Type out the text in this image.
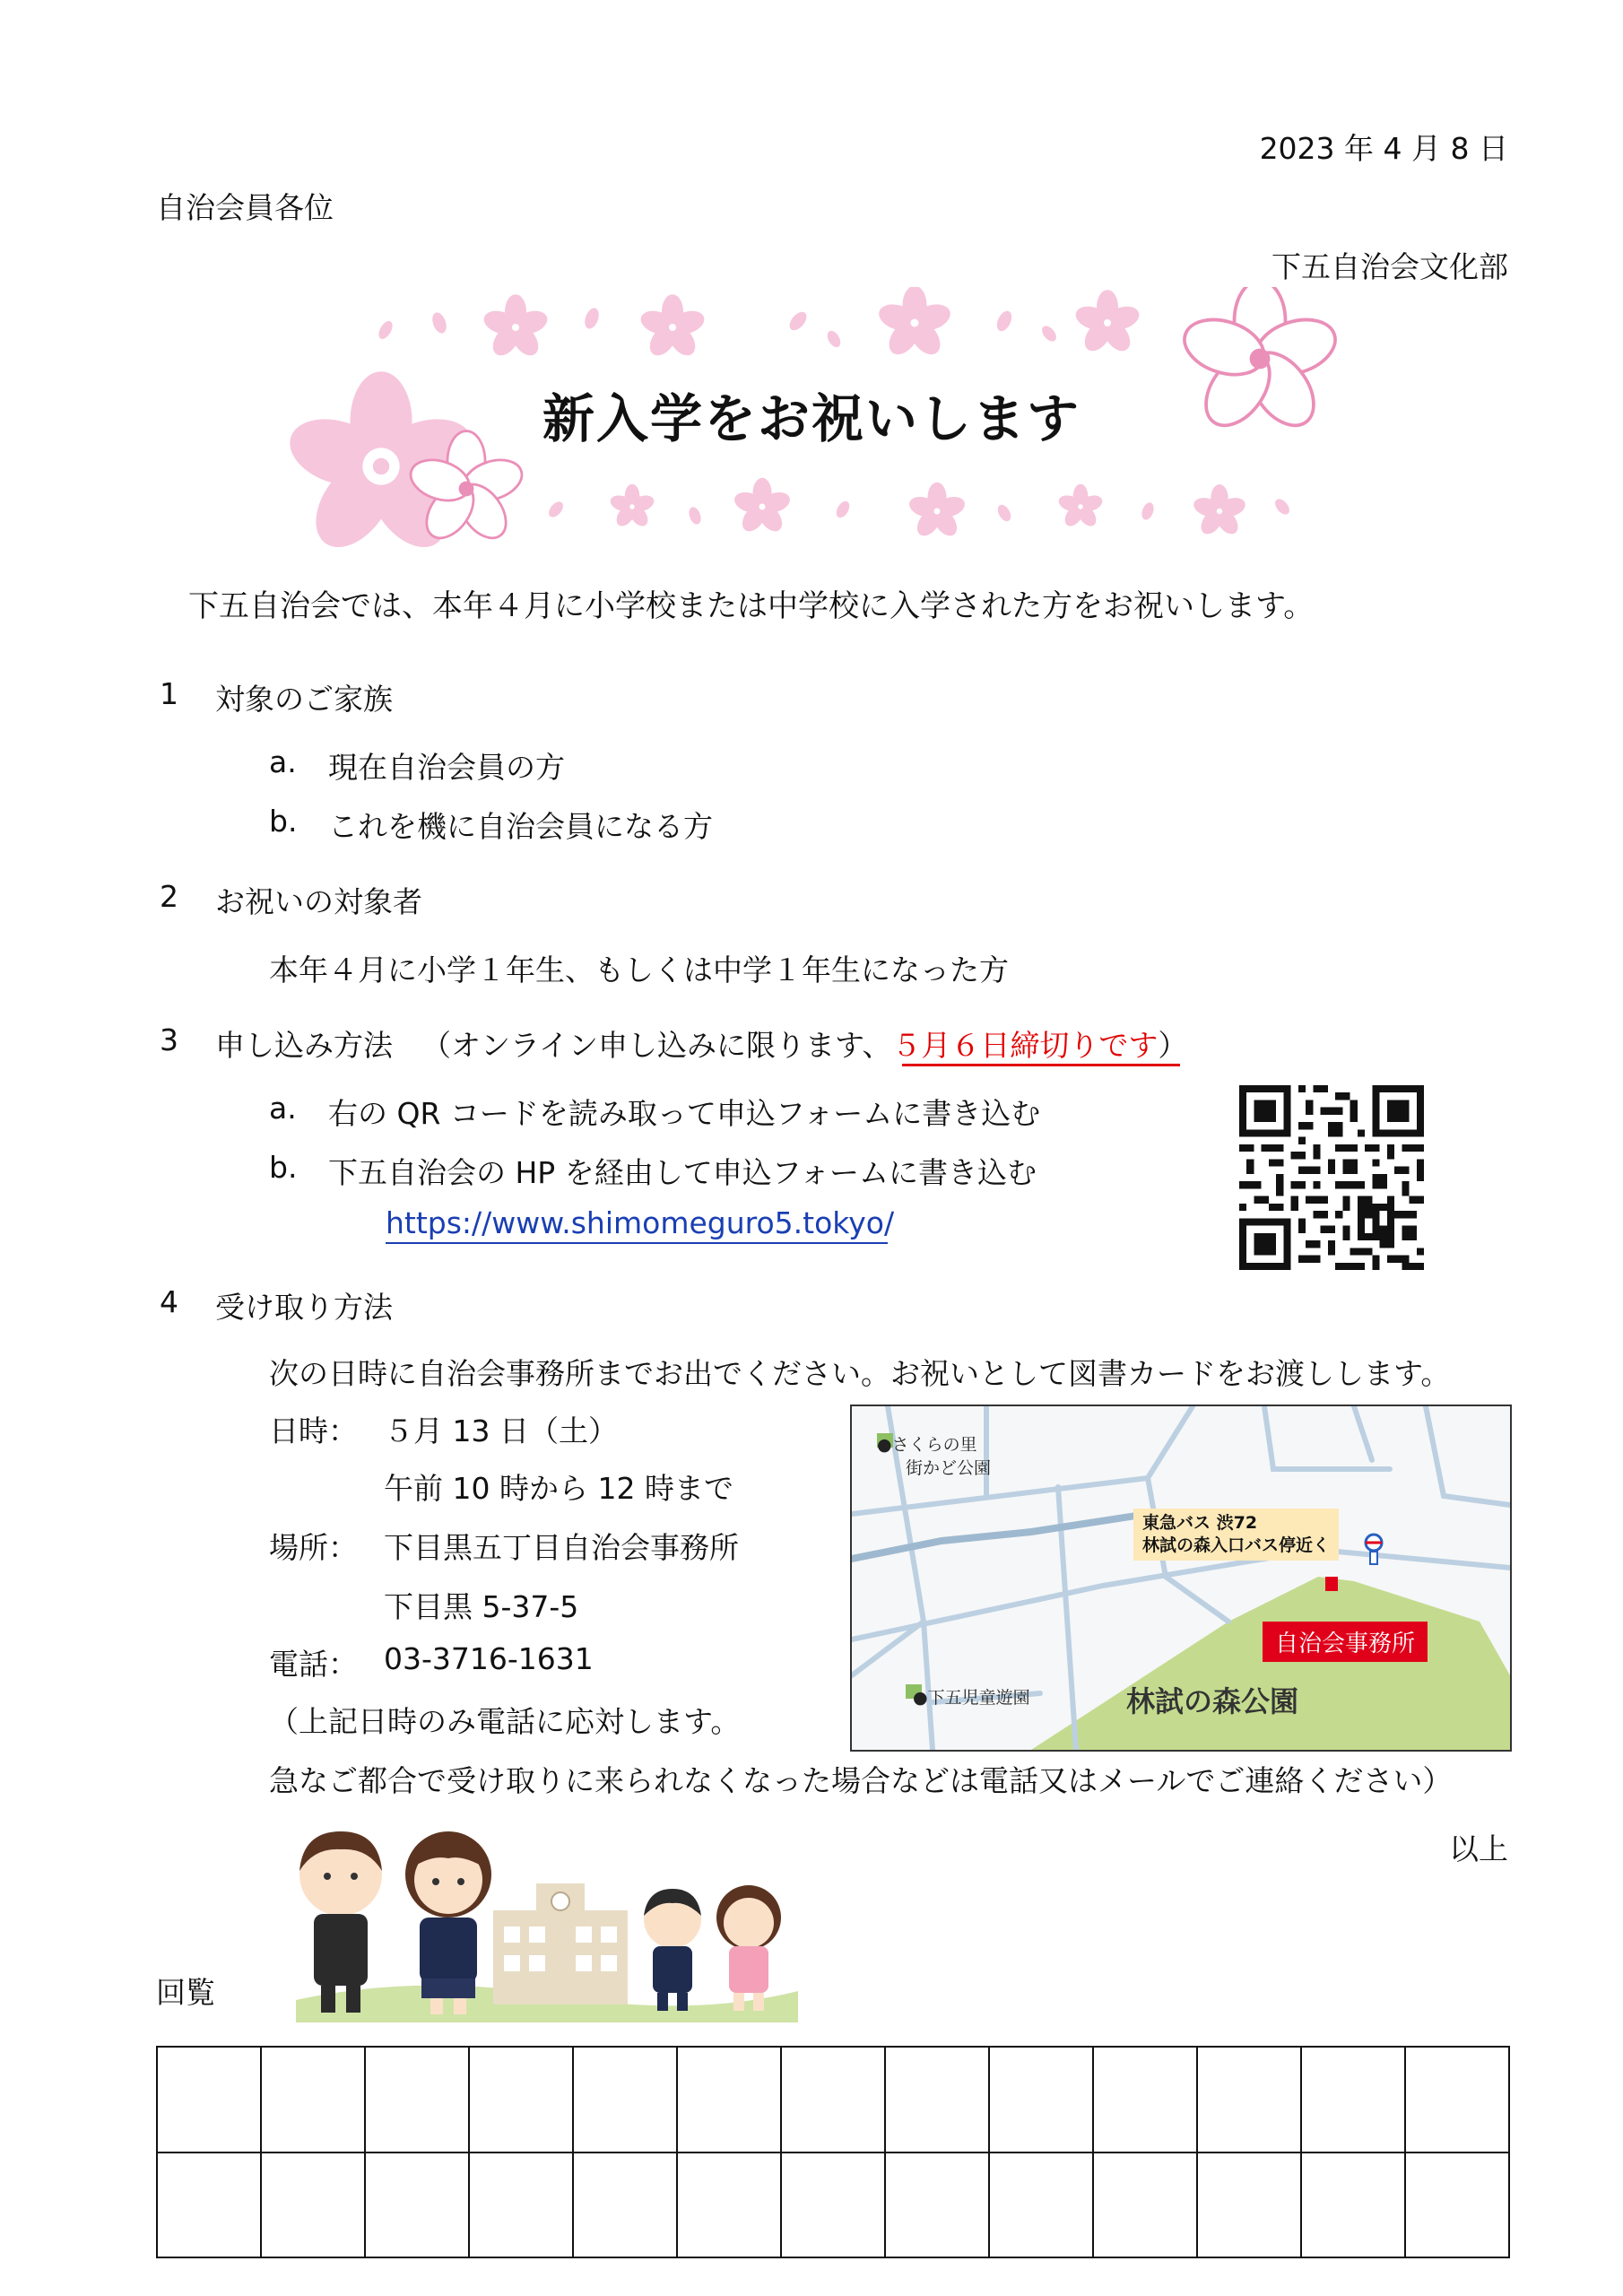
2023 年 4 月 8 日
自治会員各位
下五自治会文化部
新入学をお祝いします
下五自治会では、本年４月に小学校または中学校に入学された方をお祝いします。
1 対象のご家族
a. 現在自治会員の方
b. これを機に自治会員になる方
2 お祝いの対象者
本年４月に小学１年生、もしくは中学１年生になった方
3 申し込み方法 （オンライン申し込みに限ります、５月６日締切りです）
a. 右の QR コードを読み取って申込フォームに書き込む
b. 下五自治会の HP を経由して申込フォームに書き込む
https://www.shimomeguro5.tokyo/
4 受け取り方法
次の日時に自治会事務所までお出でください。お祝いとして図書カードをお渡しします。
日時： ５月 13 日（土）
午前 10 時から 12 時まで
場所： 下目黒五丁目自治会事務所
下目黒 5-37-5
電話： 03-3716-1631
（上記日時のみ電話に応対します。
急なご都合で受け取りに来られなくなった場合などは電話又はメールでご連絡ください）
●さくらの里
街かど公園
東急バス 渋72
林試の森入口バス停近く
自治会事務所
林試の森公園
●下五児童遊園
以上
回覧
